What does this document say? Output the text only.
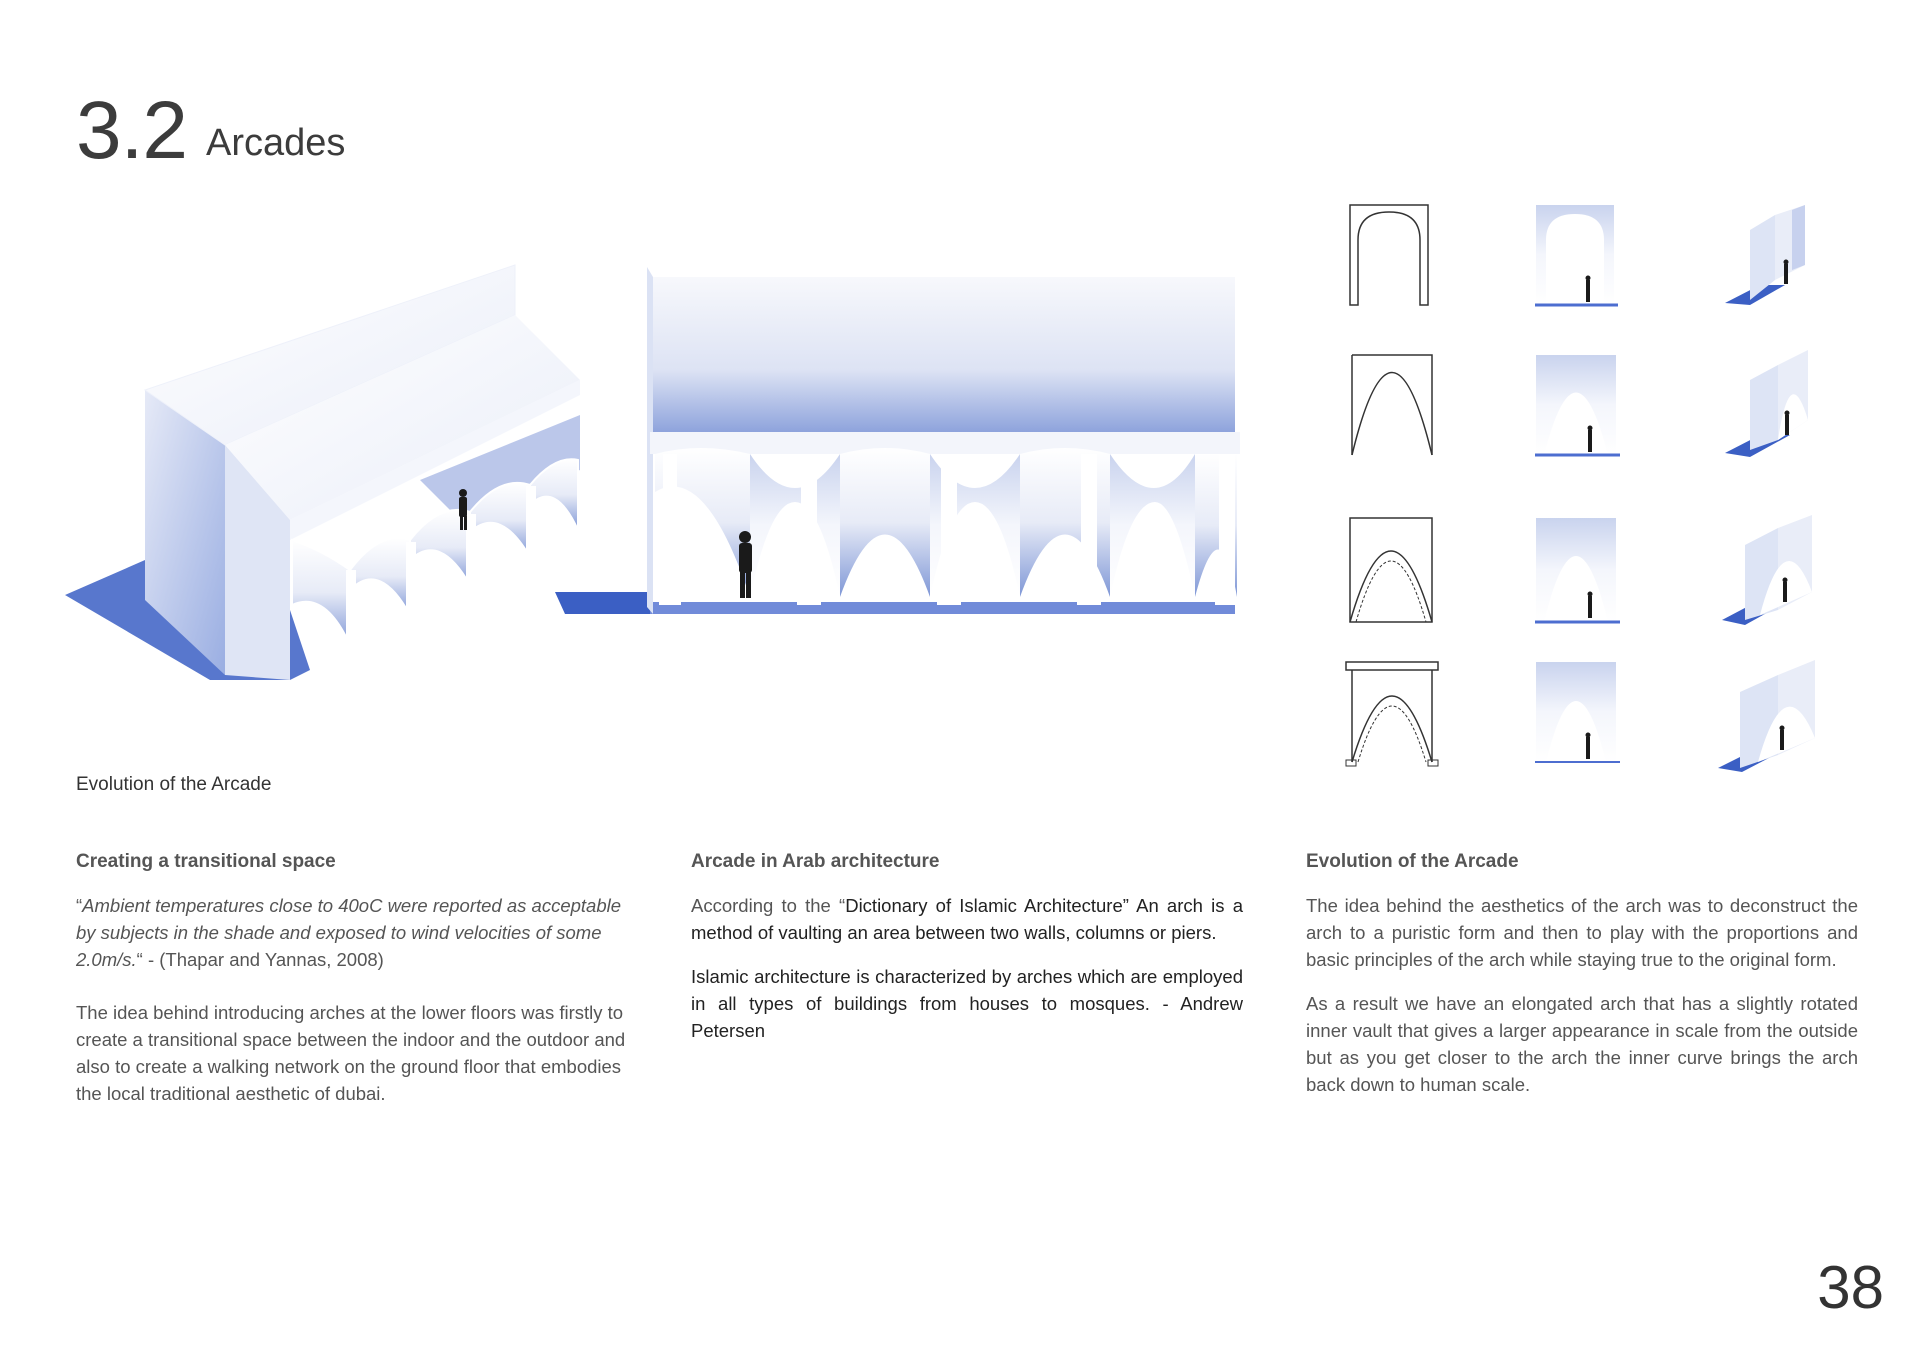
3.2 Arcades
Evolution of the Arcade
Creating a transitional space

“Ambient temperatures close to 40oC were reported as acceptable by subjects in the shade and exposed to wind velocities of some 2.0m/s.“ - (Thapar and Yannas, 2008)

The idea behind introducing arches at the lower floors was firstly to create a transitional space between the indoor and the outdoor and also to create a walking network on the ground floor that embodies the local traditional aesthetic of dubai.

Arcade in Arab architecture

According to the “Dictionary of Islamic Architecture” An arch is a method of vaulting an area between two walls, columns or piers.

Islamic architecture is characterized by arches which are employed in all types of buildings from houses to mosques. - Andrew Petersen

Evolution of the Arcade

The idea behind the aesthetics of the arch was to deconstruct the arch to a puristic form and then to play with the proportions and basic principles of the arch while staying true to the original form.

As a result we have an elongated arch that has a slightly rotated inner vault that gives a larger appearance in scale from the outside but as you get closer to the arch the inner curve brings the arch back down to human scale.

38
